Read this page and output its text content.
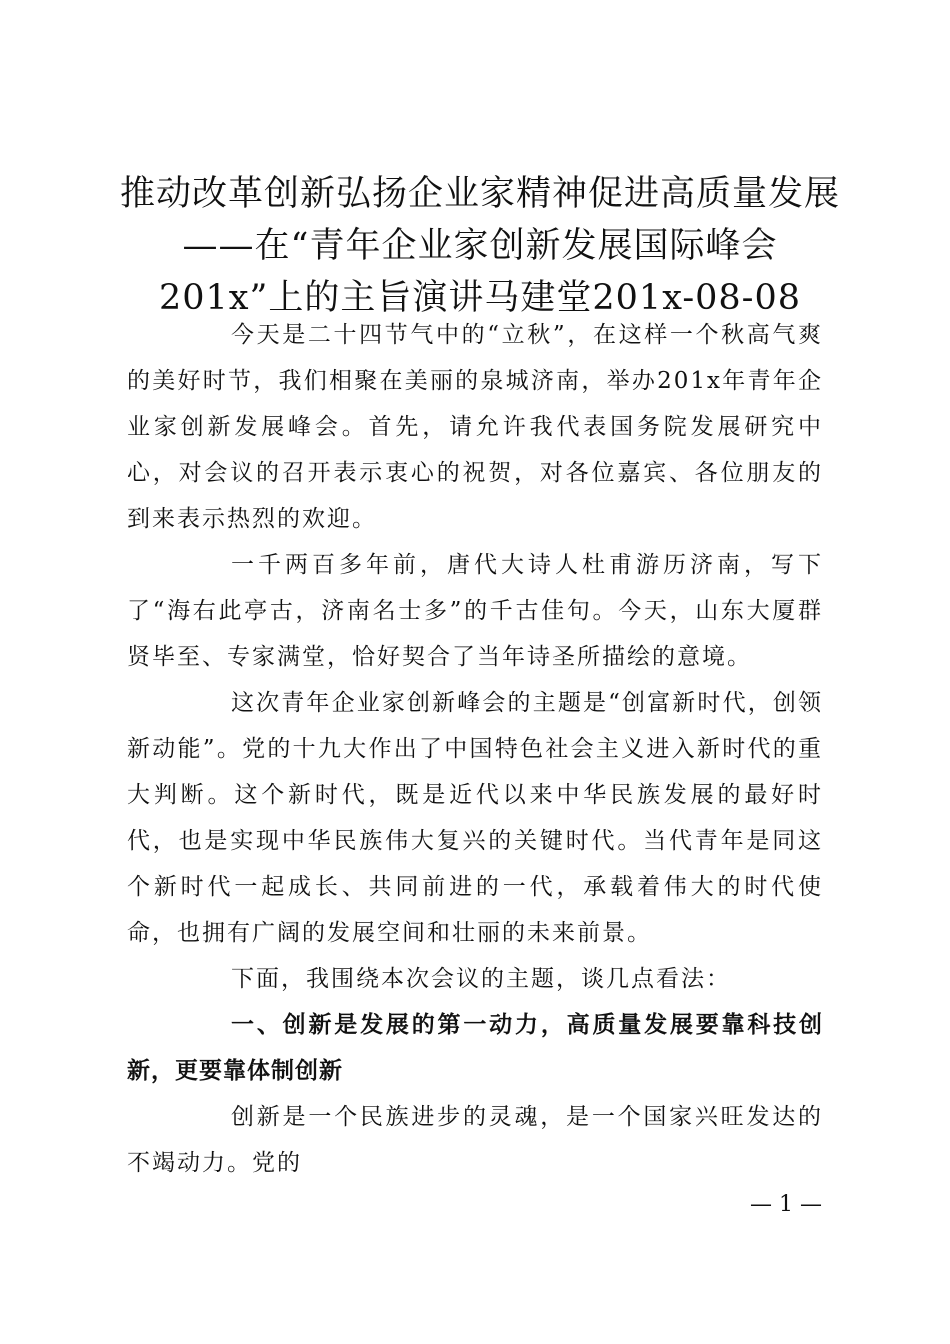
推动改革创新弘扬企业家精神促进高质量发展
——在“青年企业家创新发展国际峰会
201x”上的主旨演讲马建堂201x-08-08

今天是二十四节气中的“立秋”，在这样一个秋高气爽的美好时节，我们相聚在美丽的泉城济南，举办201x年青年企业家创新发展峰会。首先，请允许我代表国务院发展研究中心，对会议的召开表示衷心的祝贺，对各位嘉宾、各位朋友的到来表示热烈的欢迎。

一千两百多年前，唐代大诗人杜甫游历济南，写下了“海右此亭古，济南名士多”的千古佳句。今天，山东大厦群贤毕至、专家满堂，恰好契合了当年诗圣所描绘的意境。

这次青年企业家创新峰会的主题是“创富新时代，创领新动能”。党的十九大作出了中国特色社会主义进入新时代的重大判断。这个新时代，既是近代以来中华民族发展的最好时代，也是实现中华民族伟大复兴的关键时代。当代青年是同这个新时代一起成长、共同前进的一代，承载着伟大的时代使命，也拥有广阔的发展空间和壮丽的未来前景。

下面，我围绕本次会议的主题，谈几点看法：

一、创新是发展的第一动力，高质量发展要靠科技创新，更要靠体制创新

创新是一个民族进步的灵魂，是一个国家兴旺发达的不竭动力。党的

— 1 —
